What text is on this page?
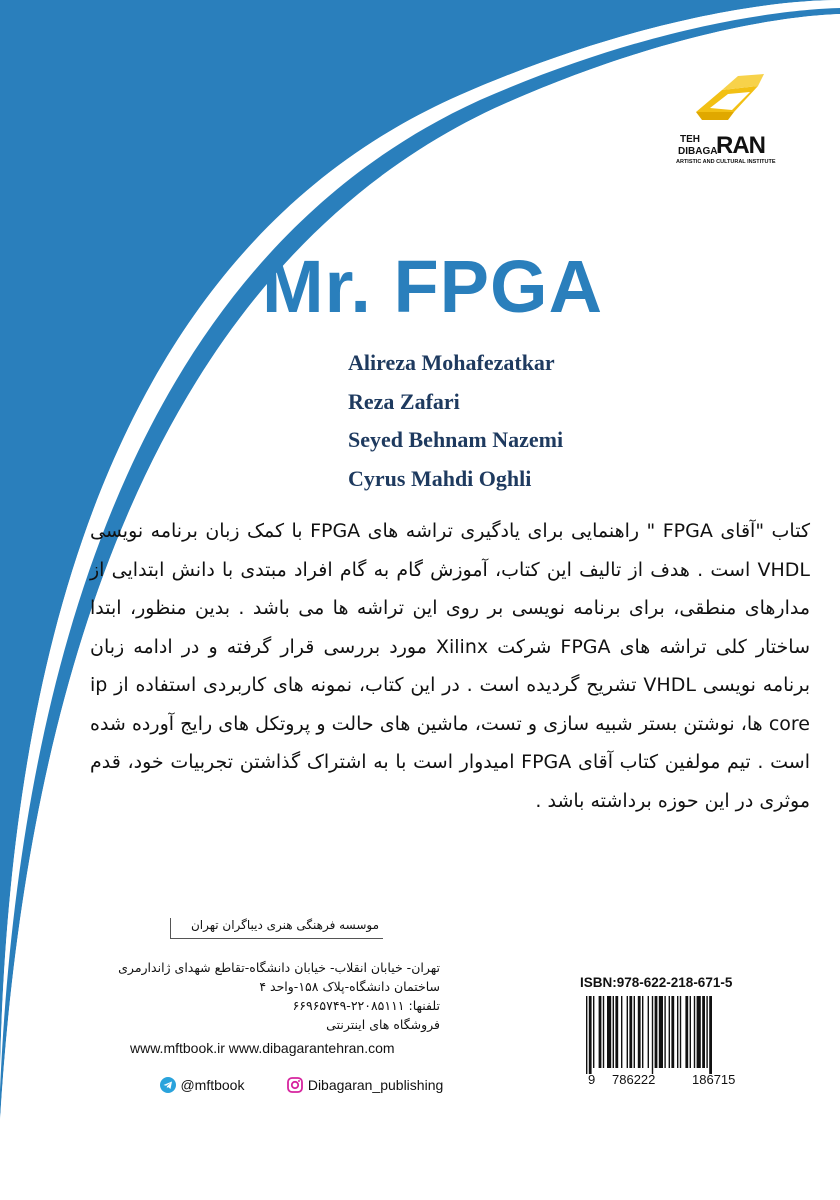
TEH
DIBAGA
RAN
ARTISTIC AND CULTURAL INSTITUTE
Mr. FPGA
Alireza Mohafezatkar
Reza Zafari
Seyed Behnam Nazemi
Cyrus Mahdi Oghli

کتاب "آقای FPGA " راهنمایی برای یادگیری تراشه های FPGA با کمک زبان برنامه نویسی VHDL است . هدف از تالیف این کتاب، آموزش گام به گام افراد مبتدی با دانش ابتدایی از مدارهای منطقی، برای برنامه نویسی بر روی این تراشه ها می باشد . بدین منظور، ابتدا ساختار کلی تراشه های FPGA شرکت Xilinx مورد بررسی قرار گرفته و در ادامه زبان برنامه نویسی VHDL تشریح گردیده است . در این کتاب، نمونه های کاربردی استفاده از ip core ها، نوشتن بستر شبیه سازی و تست، ماشین های حالت و پروتکل های رایج آورده شده است . تیم مولفین کتاب آقای FPGA امیدوار است با به اشتراک گذاشتن تجربیات خود، قدم موثری در این حوزه برداشته باشد .

موسسه فرهنگی هنری دیباگران تهران
تهران- خیابان انقلاب- خیابان دانشگاه-تقاطع شهدای ژاندارمری
ساختمان دانشگاه-پلاک ۱۵۸-واحد ۴
تلفنها: ۲۲۰۸۵۱۱۱-۶۶۹۶۵۷۴۹
فروشگاه های اینترنتی
www.mftbook.ir www.dibagarantehran.com
@mftbook	Dibagaran_publishing
ISBN:978-622-218-671-5
9 786222	186715
